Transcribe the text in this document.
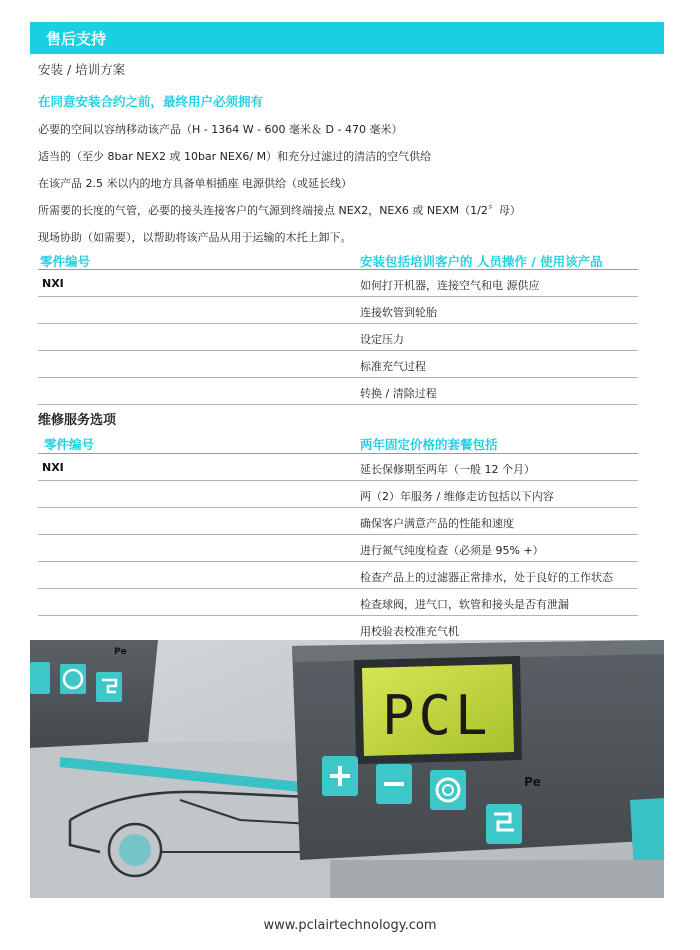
售后支持
安装 / 培训方案
在同意安装合约之前，最终用户必须拥有
必要的空间以容纳移动该产品（H - 1364 W - 600 毫米＆ D - 470 毫米）
适当的（至少 8bar NEX2 或 10bar NEX6/ M）和充分过滤过的清洁的空气供给
在该产品 2.5 米以内的地方具备单相插座 电源供给（或延长线）
所需要的长度的气管，必要的接头连接客户的气源到终端接点 NEX2，NEX6 或 NEXM（1/2〞母）
现场协助（如需要），以帮助将该产品从用于运输的木托上卸下。
零件编号	安装包括培训客户的 人员操作 / 使用该产品
NXI	如何打开机器，连接空气和电 源供应
连接软管到轮胎
设定压力
标准充气过程
转换 / 清除过程
维修服务选项
零件编号	两年固定价格的套餐包括
NXI	延长保修期至两年（一般 12 个月）
两（2）年服务 / 维修走访包括以下内容
确保客户满意产品的性能和速度
进行氮气纯度检查（必须是 95% +）
检查产品上的过滤器正常排水，处于良好的工作状态
检查球阀，进气口，软管和接头是否有泄漏
用校验表校准充气机
Pe
PCL
Pe
www.pclairtechnology.com
